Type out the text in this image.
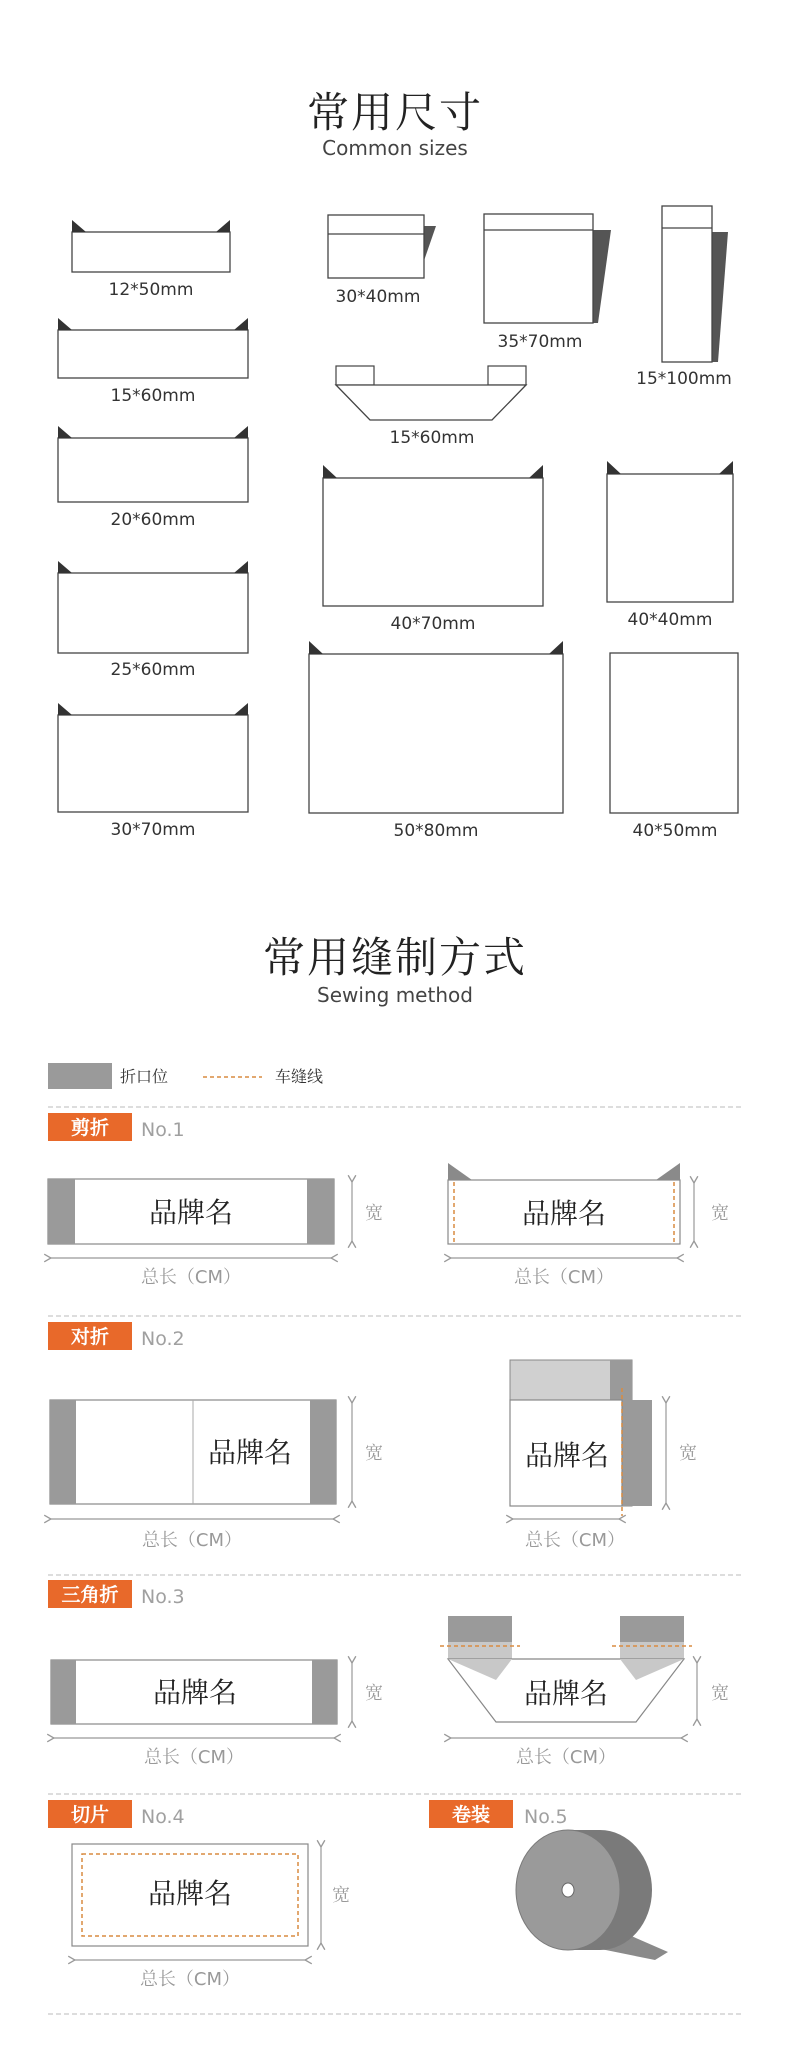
常用尺寸
Common sizes
12*50mm
15*60mm
20*60mm
25*60mm
30*70mm
30*40mm
35*70mm
15*100mm
15*60mm
40*70mm	40*40mm
50*80mm	40*50mm
常用缝制方式
Sewing method
折口位	车缝线
剪折 No.1
品牌名	宽
总长（CM）
品牌名	宽
总长（CM）
对折 No.2
品牌名	宽
总长（CM）
品牌名	宽
总长（CM）
三角折 No.3
品牌名	宽
总长（CM）
品牌名	宽
总长（CM）
切片 No.4
品牌名	宽
总长（CM）
卷装 No.5
